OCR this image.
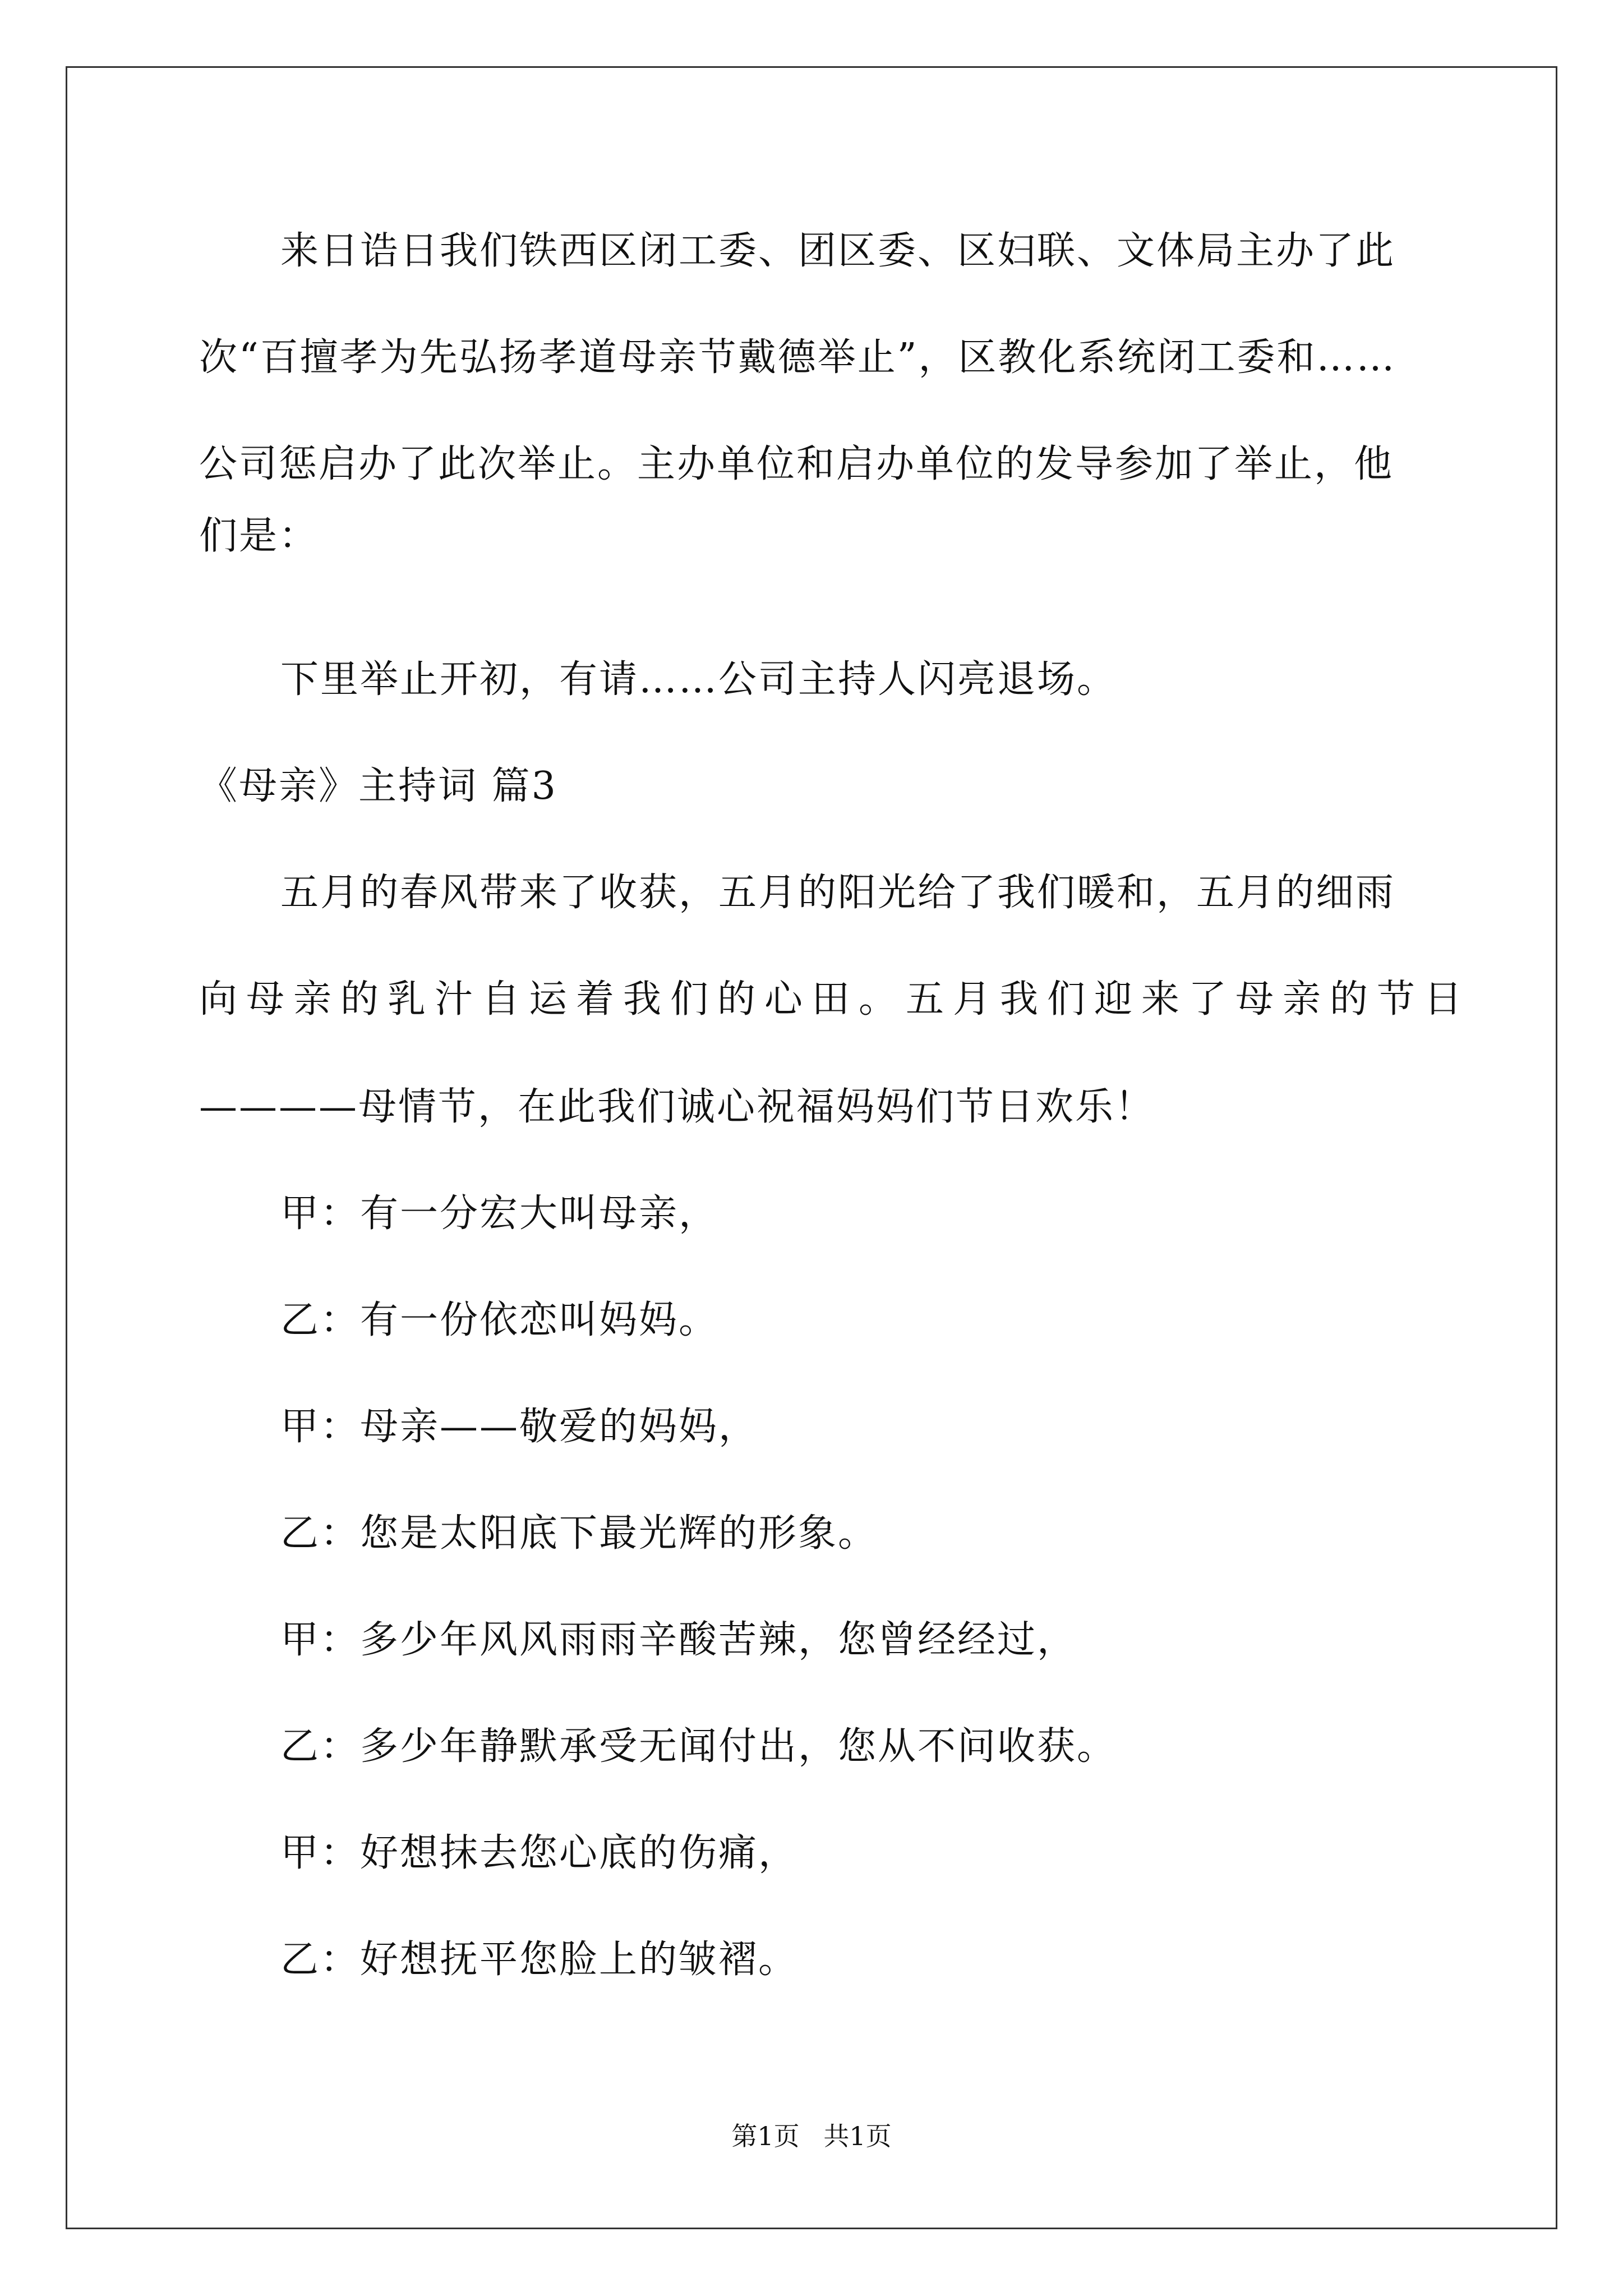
来日诰日我们铁西区闭工委、团区委、区妇联、文体局主办了此
次“百擅孝为先弘扬孝道母亲节戴德举止”，区教化系统闭工委和……
公司惩启办了此次举止。主办单位和启办单位的发导参加了举止，他
们是：
下里举止开初，有请……公司主持人闪亮退场。
《母亲》主持词 篇3
五月的春风带来了收获，五月的阳光给了我们暖和，五月的细雨
向母亲的乳汁自运着我们的心田。五月我们迎来了母亲的节日
————母情节，在此我们诚心祝福妈妈们节日欢乐！
甲：有一分宏大叫母亲，
乙：有一份依恋叫妈妈。
甲：母亲——敬爱的妈妈，
乙：您是太阳底下最光辉的形象。
甲：多少年风风雨雨辛酸苦辣，您曾经经过，
乙：多少年静默承受无闻付出，您从不问收获。
甲：好想抹去您心底的伤痛，
乙：好想抚平您脸上的皱褶。
第1页 共1页
